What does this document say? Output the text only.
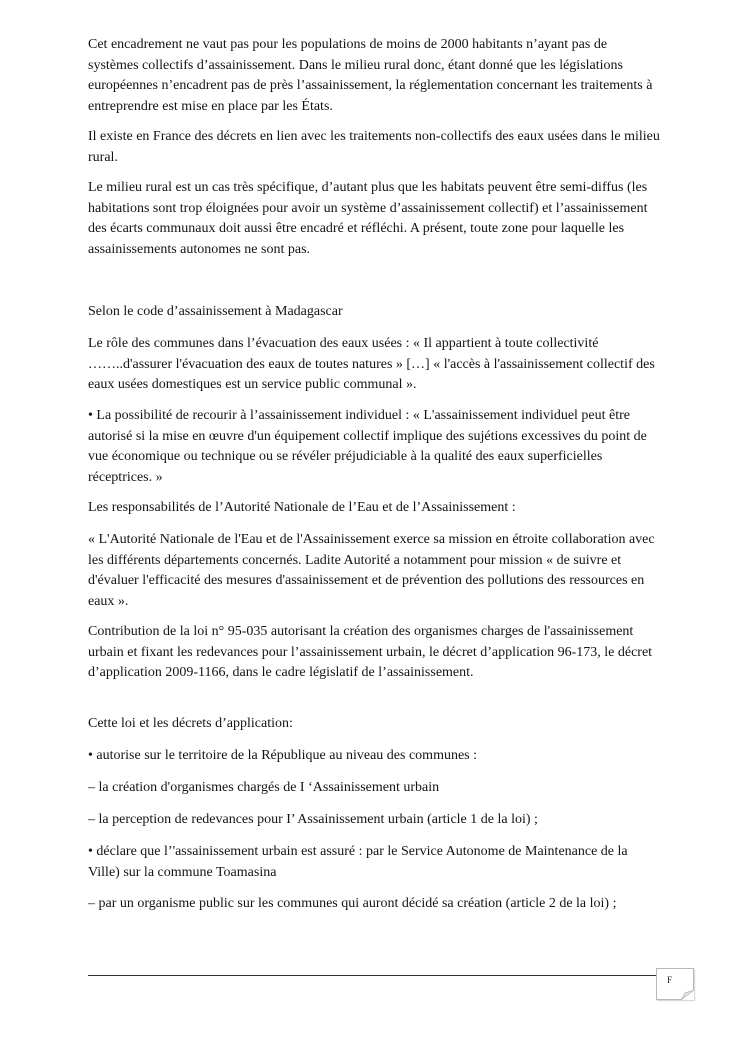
Cet encadrement ne vaut pas pour les populations de moins de 2000 habitants n’ayant pas de systèmes collectifs d’assainissement. Dans le milieu rural donc, étant donné que les législations européennes n’encadrent pas de près l’assainissement, la réglementation concernant les traitements à entreprendre est mise en place par les États.

Il existe en France des décrets en lien avec les traitements non-collectifs des eaux usées dans le milieu rural.

Le milieu rural est un cas très spécifique, d’autant plus que les habitats peuvent être semi-diffus (les habitations sont trop éloignées pour avoir un système d’assainissement collectif) et l’assainissement des écarts communaux doit aussi être encadré et réfléchi. A présent, toute zone pour laquelle les assainissements autonomes ne sont pas.

Selon le code d’assainissement à Madagascar

Le rôle des communes dans l’évacuation des eaux usées : « Il appartient à toute collectivité ……..d'assurer l'évacuation des eaux de toutes natures » […] « l'accès à l'assainissement collectif des eaux usées domestiques est un service public communal ».

• La possibilité de recourir à l’assainissement individuel : « L'assainissement individuel peut être autorisé si la mise en œuvre d'un équipement collectif implique des sujétions excessives du point de vue économique ou technique ou se révéler préjudiciable à la qualité des eaux superficielles réceptrices. »

Les responsabilités de l’Autorité Nationale de l’Eau et de l’Assainissement :

« L'Autorité Nationale de l'Eau et de l'Assainissement exerce sa mission en étroite collaboration avec les différents départements concernés. Ladite Autorité a notamment pour mission « de suivre et d'évaluer l'efficacité des mesures d'assainissement et de prévention des pollutions des ressources en eaux ».

Contribution de la loi n° 95-035 autorisant la création des organismes charges de l'assainissement urbain et fixant les redevances pour l’assainissement urbain, le décret d’application 96-173, le décret d’application 2009-1166, dans le cadre législatif de l’assainissement.

Cette loi et les décrets d’application:

• autorise sur le territoire de la République au niveau des communes :

– la création d'organismes chargés de I ‘Assainissement urbain

– la perception de redevances pour I’ Assainissement urbain (article 1 de la loi) ;

• déclare que l’'assainissement urbain est assuré : par le Service Autonome de Maintenance de la Ville) sur la commune Toamasina

– par un organisme public sur les communes qui auront décidé sa création (article 2 de la loi) ;

F
